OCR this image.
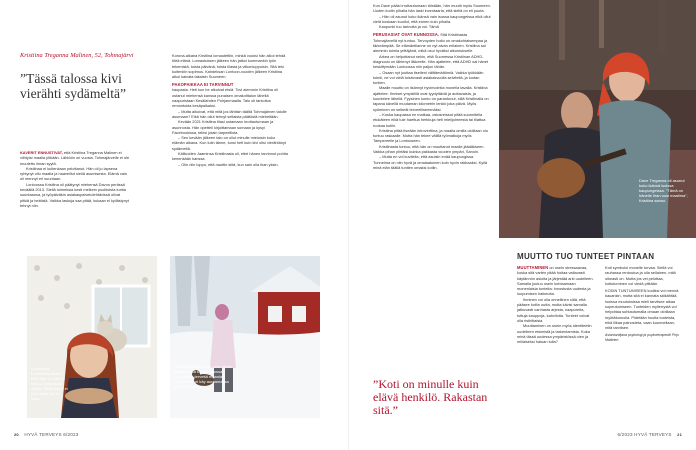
Kristiina Treganna Malinen, 52, Tohmajärvi
”Tässä talossa kivi vierähti sydämeltä”

KAVERIT ENNUSTIVAT, että Kristiina Treganna Malinen ei viihtyisi maalla pitkään. Lähtöön on vuosia. Tohmajärvelle ei ole muutettu ilman syytä.

Kristiinaa ei kuitenkaan pelottanut. Hän oli jo lapsena ryhtynyt ollu maalla ja haaveillut siellä asumisesta. Elämä vain oli mennyt eri suuntaan.

Lontoossa Kristiina oli päätynyt miehensä Davon perässä keväällä 2013. Siellä toimeksia kesti melkein puolitoista tuntia suuntaansa, ja työpäiväkin asiakaspalvelutehtävissä olivat pitkiä ja hektisiä. Vaikka laskuja saa pitää, kukaan ei kyllästynyt tehnyt niin.

Korona-aikana Kristiina lomautettiin, minkä vuoksi hän alkoi tehdä töitä etänä. Lomautuksen jälkeen hän jatkoi kummankin työn tekemistä, toista päivänä, toista illasta ja viikonloppuisin. Sitä teki kuitenkin sopimus. Kahdeksan Lontoon-vuoden jälkeen Kristiina alkoi kaivata takaisin Suomeen.

PAKOPAIKKAA EI TARVINNUT

kaupasta. Heti kun he alkoivat etsiä. Tovi aiemmin Kristiina oli ostanut miehensä kanssa punaisen omakotitalon läheltä naapuristaan Kesälahden Pohjanmaalla. Talo oli tarkoitus remontoida kesäpaikaksi.

– Mutta aikoivat, että mitä jos lähtisin täältä Tohmajärven talolle asumaan? Eikä hän ollut tehnyt sellaista päätöstä mieheltään.

Kevään 2021 Kristiina tilasi ostamaan irrottautumaan ja asunnosta. Hän opetteli kirjoittamaan somaan ja kysyi Facebookissa, tekisi jotain tarpeellista.

– Sen kevään jälkeen talo on ollut minulle mieluisin koko elämän aikana. Kun tulin tänne, tunsi heti kuin kivi olisi vierähtänyt sydämeltä.

Kälikoiden Jaaminsa Kristiinasta oli, ettei hänen tarvinnut pohtia kenenkään kanssa.

– Olin niin loppu, että nauttin siitä, kun sain olla ihan yksin.

Lontoossa Kristiinasta tuntui, ettei hän voi nähdä kotia ja työpaikan välillä. Siellä Davo ei ollut kotia Nyt on tosin.
Lumisilla tiellä, mutta ovat vähän autteja ehtiä toimiin talossa. "Kun sataa tervettä maanla lunta, naapuri käy auraamassa pihan traktorilla."
20 HYVÄ TERVEYS 6/2023

Kun Dave pääsi irrottautumaan töistään, hän muutti myös Suomeen. Uuden kodin pihalla hän laski inventaaria, että siellä on eli puuta.

– Hän oli asunut koko ikänsä vain isossa kaupungeissa eikä ollut vielä koskaan kuullut, että ennen kuin pihalla.

Kaupunki tuo tarinoita ja voi. Tämä

PERUSASIAT OVAT KUNNOSSA. Sitä Kristiinasta Tohmajärvellä nyt tuntuu. Tervoyden hoito on omakohtaisempaa ja tärkeämpää. Se elämäntilanne on nyt aivan erilainen. Kristiina sai aiemmin toimia yrittäjänä, mikä osui hyväksi aikomukselle.

Arkea on helpottanut sekin, että Suomessa Kristiinan ADHD-diagnoosi on lähtenyt liikkeelle. Hän ajattelee, että ADHD sai hänet keskittymään Lontoossa niin paljon tähän.

– Osaan nyt juuttaa itselleni välttämättömiä. Vaikka työkkään toimii, ne voi vielä toistuvasti asiakasvuolla selvitellä, ja luotan tuntien.

Maalle muutto on lisännyt hyvinvointia monella tavalla. Kristiina ajattelee. Ihmiset ympärillä ovat tyydyttäviä ja auttavaisia, ja kuuntelee lähellä. Fyysinen kunto on parantunut, sillä Kristiinalla on tapana kävellä muutaman kilometrin lenkki joka päivä. Myös syöminen on selkeät terveellisemmäksi.

– Koska kaupassa en matkaa, ostosreissut pitää suunnitella etukäteen eikä tule haettua herkkuja heti mielijohteesta tai tilattua ruokaa kotiin.

Kristiina pitää itseään introverttina, ja maalla omilla oloillaan olo tuntuu raskaalle. Mutta hän tekee välillä työmatkoja myös Tampereelle ja Lontooseen.

Kristiinasta tuntuu, että hän on muuttanut maalle jäädäkseen. Vaikka pihan piirtäisi kuinka pakkasta vuoden ympäri, Sanoin.

– Mutta en voi kuvitella, että asuisin enää kaupungissa. Tunnelma on niin hyvä ja omalaatuinen kuin hyvin rakkaaksi. Kyllä minä elän täällä tuntien omaksi kotiin.

Dave Treganna oli asunut koko ikänsä isoissa kaupungeissa. "Tämä on hänelle ihan uusi maailma", Kristiina sanoo.
”Koti on minulle kuin elävä henkilö. Rakastan sitä.”
MUUTTO TUO TUNTEET PINTAAN

MUUTTAMINEN on usein stressaavaa, koska sitä varten pitää hoitaa valtavasti käytännön asioita ja järjestää arki uudelleen. Samalla joutuu usein kohtaamaan monenlaisia tunteita: innostusta uudesta ja luopumisen haikeutta.

Ihminen voi olla onnellinen siitä, että pääsee kotiin uutta, mutta kävisi samalla jatkuvasti vanhasta arjesta, naapureita, tuttuja kauppoja, kahviloita. Tunteet voivat olla ristiriitaisia.

Muuttaminen on usein myös identiteetin uudelleen etsimistä ja tarkentamista. Kuka minä tässä uudessa ympäristössä olen ja millaiseksi haluan tulla?

Koti symboloi monelle turvaa. Siellä voi rauhassa rentoutua ja olla sellainen, mitä oikeasti on. Mutta jos vei pelottaa, kotiutuminen voi viedä pitkään.

KODIN TUNTUMISEEN kodiksi voi mennä kauankin, mutta sitä ei kannata säikähtää. Isoissa muutoksissa mieli tarvitsee aikaa sopeutumiseen. Tunteiden myllerrystä voi helpottaa suhtautumalla omaan olotilaan myötätunnolla. Pidetään huolta tunteista, eikä liikaa painosteta, vaan kuunnellaan, mitä tarvitsee.

Asiantuntijana psykologi ja psykoterapeutti Pirjo Mattinen

6/2023 HYVÄ TERVEYS 21
